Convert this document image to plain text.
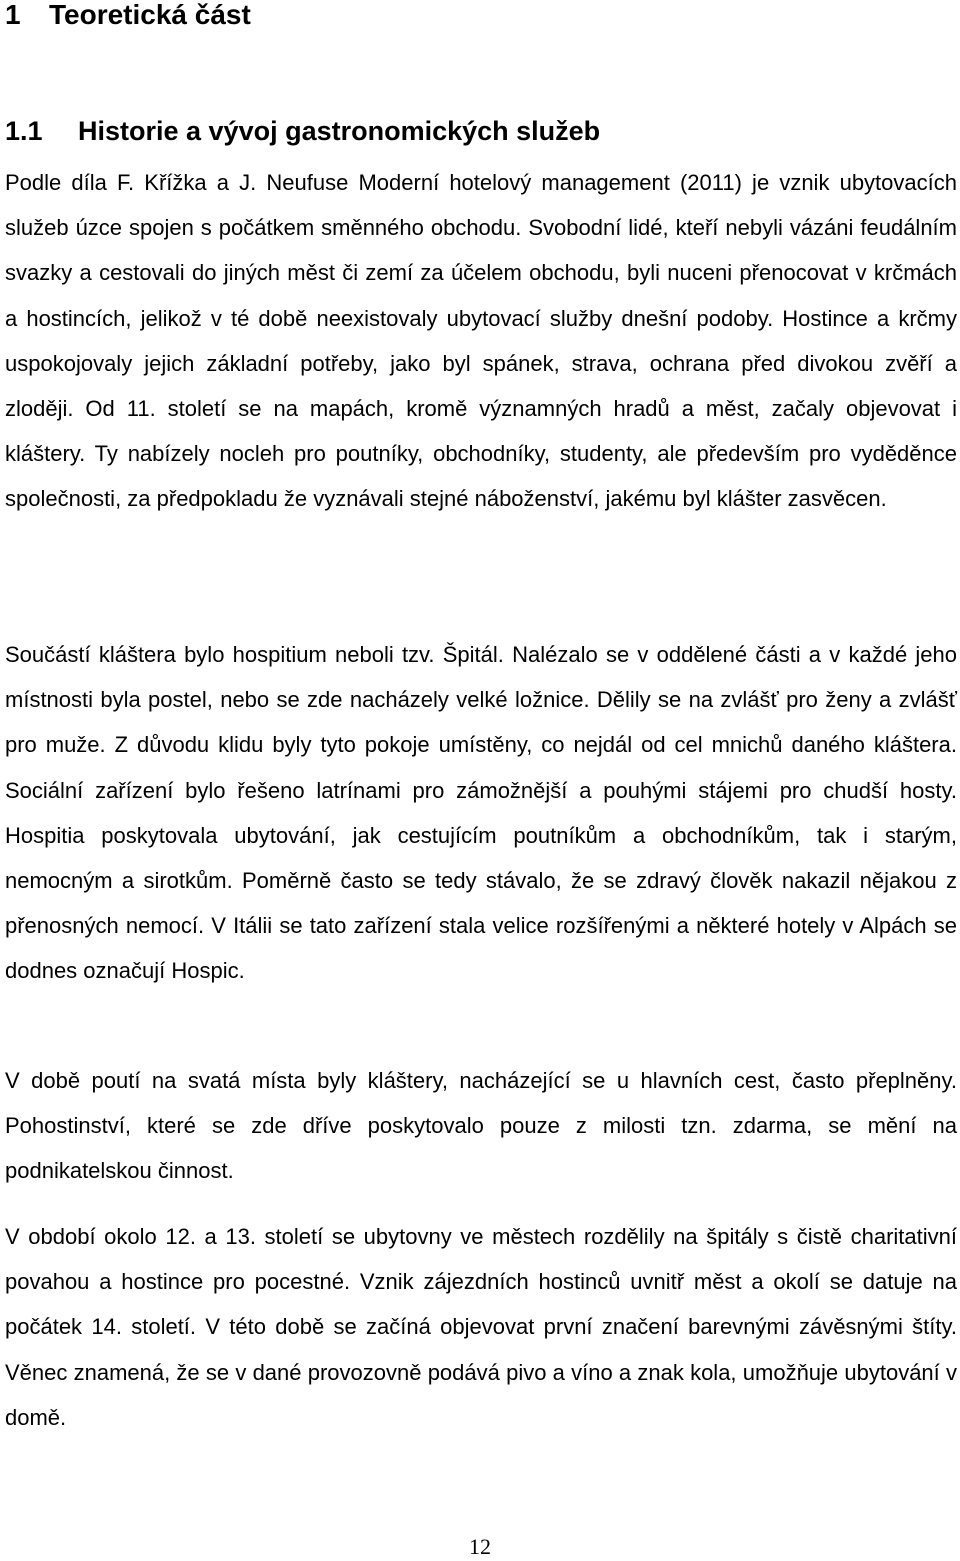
1 Teoretická část
1.1 Historie a vývoj gastronomických služeb

Podle díla F. Křížka a J. Neufuse Moderní hotelový management (2011) je vznik ubytovacích služeb úzce spojen s počátkem směnného obchodu. Svobodní lidé, kteří nebyli vázáni feudálním svazky a cestovali do jiných měst či zemí za účelem obchodu, byli nuceni přenocovat v krčmách a hostincích, jelikož v té době neexistovaly ubytovací služby dnešní podoby. Hostince a krčmy uspokojovaly jejich základní potřeby, jako byl spánek, strava, ochrana před divokou zvěří a zloději. Od 11. století se na mapách, kromě významných hradů a měst, začaly objevovat i kláštery. Ty nabízely nocleh pro poutníky, obchodníky, studenty, ale především pro vyděděnce společnosti, za předpokladu že vyznávali stejné náboženství, jakému byl klášter zasvěcen.

Součástí kláštera bylo hospitium neboli tzv. Špitál. Nalézalo se v oddělené části a v každé jeho místnosti byla postel, nebo se zde nacházely velké ložnice. Dělily se na zvlášť pro ženy a zvlášť pro muže. Z důvodu klidu byly tyto pokoje umístěny, co nejdál od cel mnichů daného kláštera. Sociální zařízení bylo řešeno latrínami pro zámožnější a pouhými stájemi pro chudší hosty. Hospitia poskytovala ubytování, jak cestujícím poutníkům a obchodníkům, tak i starým, nemocným a sirotkům. Poměrně často se tedy stávalo, že se zdravý člověk nakazil nějakou z přenosných nemocí. V Itálii se tato zařízení stala velice rozšířenými a některé hotely v Alpách se dodnes označují Hospic.

V době poutí na svatá místa byly kláštery, nacházející se u hlavních cest, často přeplněny. Pohostinství, které se zde dříve poskytovalo pouze z milosti tzn. zdarma, se mění na podnikatelskou činnost.

V období okolo 12. a 13. století se ubytovny ve městech rozdělily na špitály s čistě charitativní povahou a hostince pro pocestné. Vznik zájezdních hostinců uvnitř měst a okolí se datuje na počátek 14. století. V této době se začíná objevovat první značení barevnými závěsnými štíty. Věnec znamená, že se v dané provozovně podává pivo a víno a znak kola, umožňuje ubytování v domě.

12
